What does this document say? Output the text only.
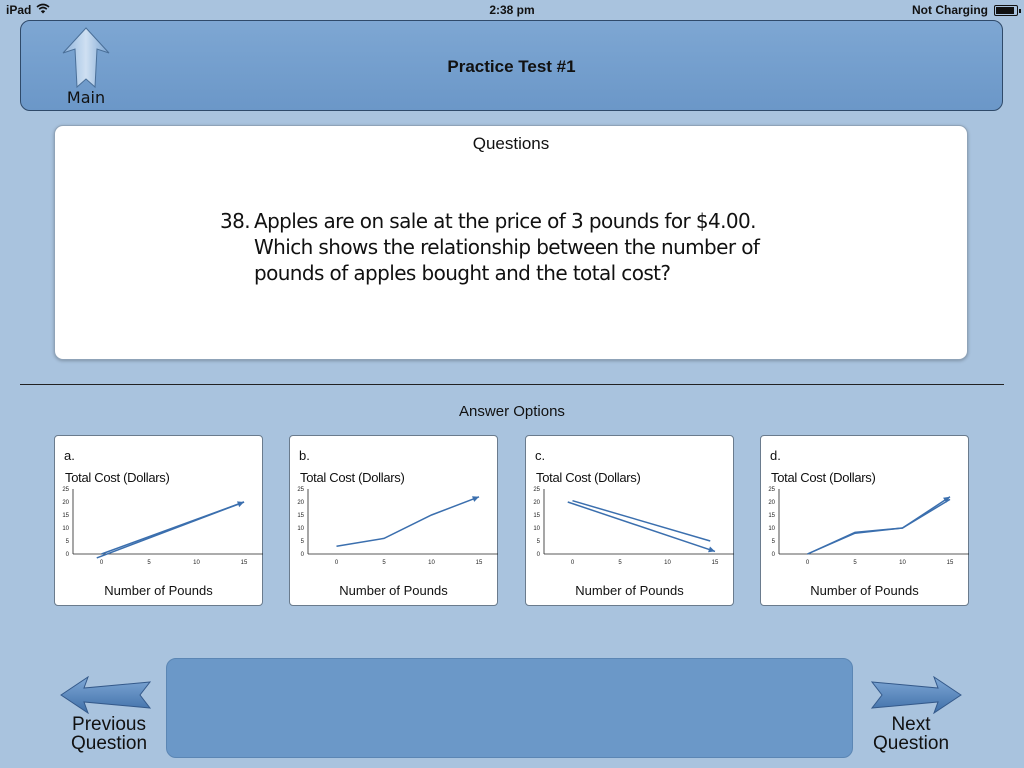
iPad	2:38 pm	Not Charging
Main
Practice Test #1
Questions
38. Apples are on sale at the price of 3 pounds for $4.00.
Which shows the relationship between the number of
pounds of apples bought and the total cost?
Answer Options
a.
Total Cost (Dollars)
0
5
10
15
20
25
0	5	10	15
Number of Pounds
b.
Total Cost (Dollars)
0
5
10
15
20
25
0	5	10	15
Number of Pounds
c.
Total Cost (Dollars)
0
5
10
15
20
25
0	5	10	15
Number of Pounds
d.
Total Cost (Dollars)
0
5
10
15
20
25
0	5	10	15
Number of Pounds
Previous
Question
Next
Question
